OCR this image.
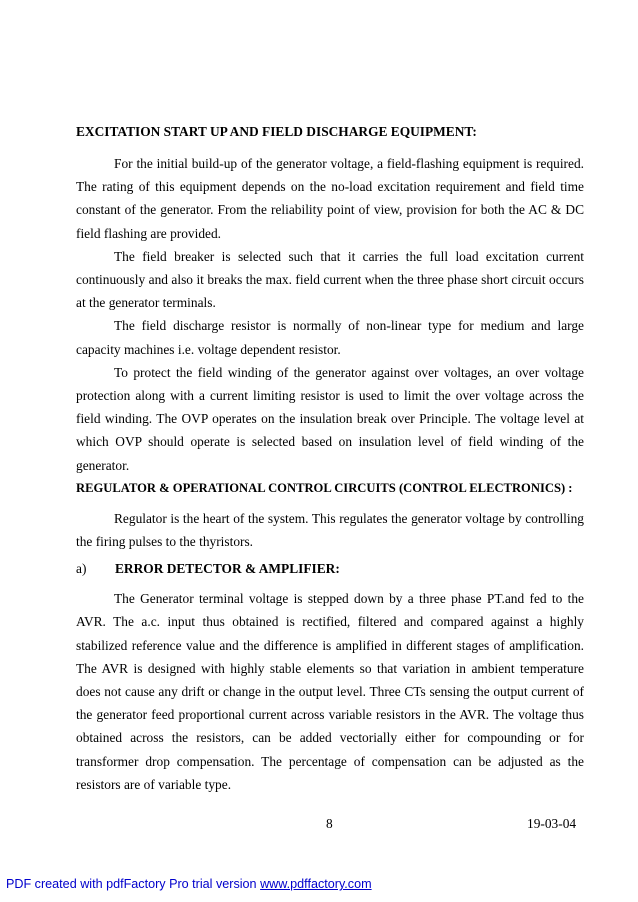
EXCITATION START UP AND FIELD DISCHARGE EQUIPMENT:

For the initial build-up of the generator voltage, a field-flashing equipment is required. The rating of this equipment depends on the no-load excitation requirement and field time constant of the generator. From the reliability point of view, provision for both the AC & DC field flashing are provided.

The field breaker is selected such that it carries the full load excitation current continuously and also it breaks the max. field current when the three phase short circuit occurs at the generator terminals.

The field discharge resistor is normally of non-linear type for medium and large capacity machines i.e. voltage dependent resistor.

To protect the field winding of the generator against over voltages, an over voltage protection along with a current limiting resistor is used to limit the over voltage across the field winding. The OVP operates on the insulation break over Principle. The voltage level at which OVP should operate is selected based on insulation level of field winding of the generator.

REGULATOR & OPERATIONAL CONTROL CIRCUITS (CONTROL ELECTRONICS) :

Regulator is the heart of the system. This regulates the generator voltage by controlling the firing pulses to the thyristors.

a)	ERROR DETECTOR & AMPLIFIER:

The Generator terminal voltage is stepped down by a three phase PT.and fed to the AVR. The a.c. input thus obtained is rectified, filtered and compared against a highly stabilized reference value and the difference is amplified in different stages of amplification. The AVR is designed with highly stable elements so that variation in ambient temperature does not cause any drift or change in the output level. Three CTs sensing the output current of the generator feed proportional current across variable resistors in the AVR. The voltage thus obtained across the resistors, can be added vectorially either for compounding or for transformer drop compensation. The percentage of compensation can be adjusted as the resistors are of variable type.

8	19-03-04
PDF created with pdfFactory Pro trial version www.pdffactory.com
